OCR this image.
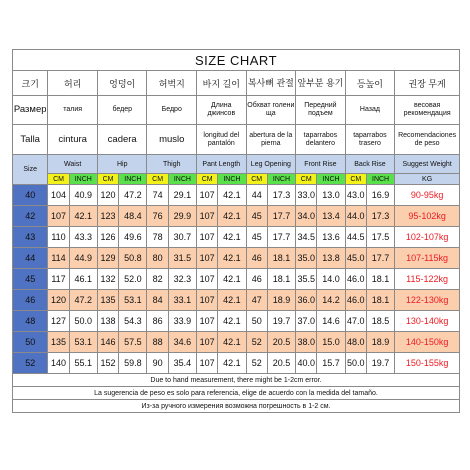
SIZE CHART															
크기	허리		엉덩이		허벅지		바지 길이		복사뼈 관절		앞부분 용기		등높이		권장 무게
Размер	талия		бедер		Бедро		Длина джинсов		Обхват голени ща		Передний подъем		Назад		весовая рекомендация
Talla	cintura		cadera		muslo		longitud del pantalón		abertura de la pierna		taparrabos delantero		taparrabos trasero		Recomendaciones de peso
Size	Waist		Hip		Thigh		Pant Length		Leg Opening		Front Rise		Back Rise		Suggest Weight
	CM	INCH	CM	INCH	CM	INCH	CM	INCH	CM	INCH	CM	INCH	CM	INCH	KG
40	104	40.9	120	47.2	74	29.1	107	42.1	44	17.3	33.0	13.0	43.0	16.9	90-95kg
42	107	42.1	123	48.4	76	29.9	107	42.1	45	17.7	34.0	13.4	44.0	17.3	95-102kg
43	110	43.3	126	49.6	78	30.7	107	42.1	45	17.7	34.5	13.6	44.5	17.5	102-107kg
44	114	44.9	129	50.8	80	31.5	107	42.1	46	18.1	35.0	13.8	45.0	17.7	107-115kg
45	117	46.1	132	52.0	82	32.3	107	42.1	46	18.1	35.5	14.0	46.0	18.1	115-122kg
46	120	47.2	135	53.1	84	33.1	107	42.1	47	18.9	36.0	14.2	46.0	18.1	122-130kg
48	127	50.0	138	54.3	86	33.9	107	42.1	50	19.7	37.0	14.6	47.0	18.5	130-140kg
50	135	53.1	146	57.5	88	34.6	107	42.1	52	20.5	38.0	15.0	48.0	18.9	140-150kg
52	140	55.1	152	59.8	90	35.4	107	42.1	52	20.5	40.0	15.7	50.0	19.7	150-155kg
Due to hand measurement, there might be 1-2cm error.															
La sugerencia de peso es solo para referencia, elige de acuerdo con la medida del tamaño.															
Из-за ручного измерения возможна погрешность в 1-2 см.															
